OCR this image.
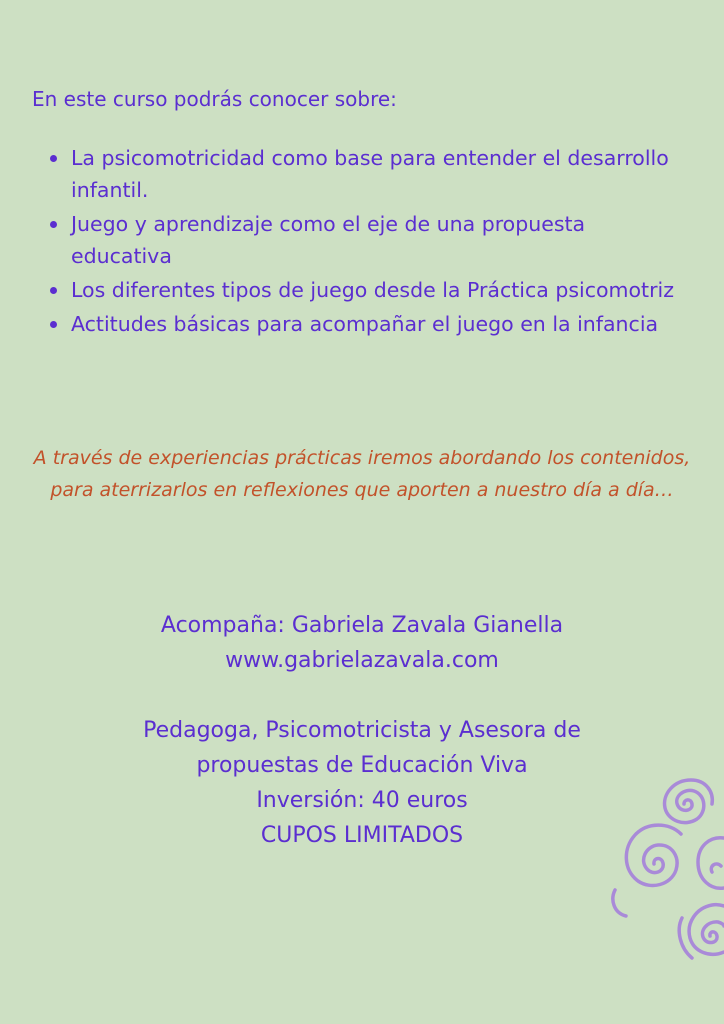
En este curso podrás conocer sobre:
La psicomotricidad como base para entender el desarrollo infantil.
Juego y aprendizaje como el eje de una propuesta educativa
Los diferentes tipos de juego desde la Práctica psicomotriz
Actitudes básicas para acompañar el juego en la infancia

A través de experiencias prácticas iremos abordando los contenidos, para aterrizarlos en reflexiones que aporten a nuestro día a día…

Acompaña: Gabriela Zavala Gianella

www.gabrielazavala.com

Pedagoga, Psicomotricista y Asesora de

propuestas de Educación Viva

Inversión: 40 euros

CUPOS LIMITADOS
